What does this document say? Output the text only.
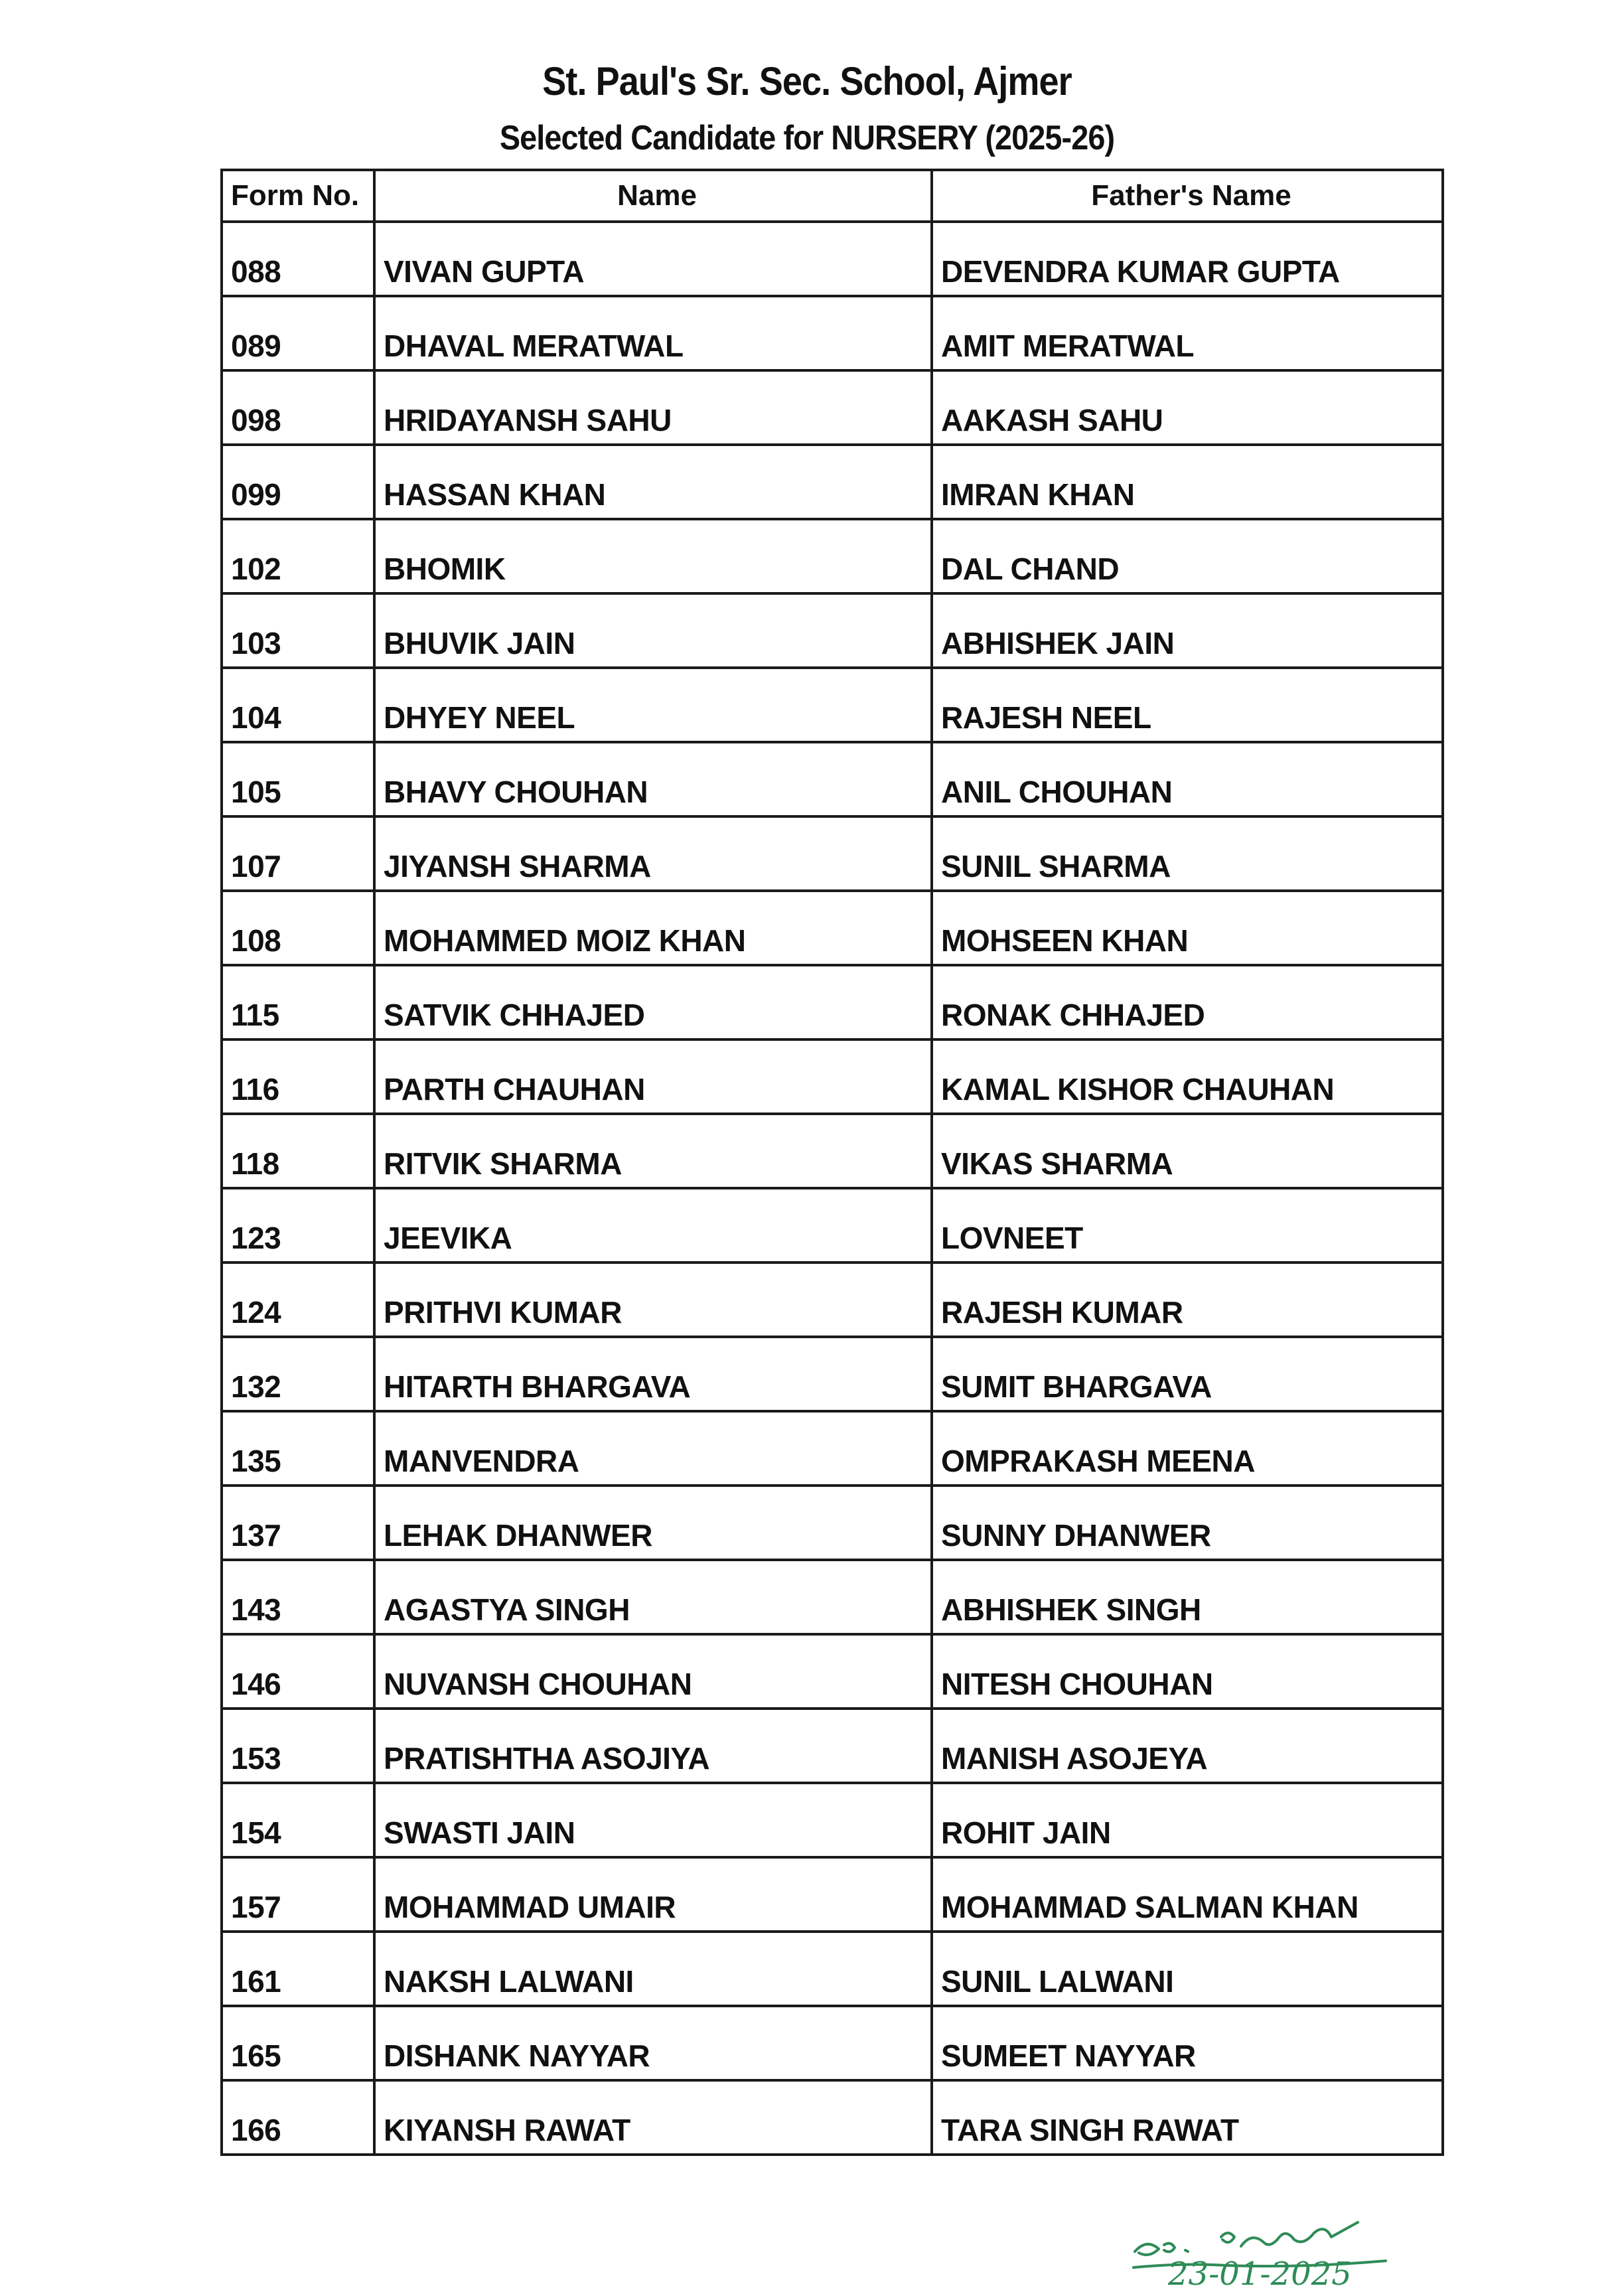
St. Paul's Sr. Sec. School, Ajmer
Selected Candidate for NURSERY (2025-26)
Form No.	Name	Father's Name
088	VIVAN GUPTA	DEVENDRA KUMAR GUPTA
089	DHAVAL MERATWAL	AMIT MERATWAL
098	HRIDAYANSH SAHU	AAKASH SAHU
099	HASSAN KHAN	IMRAN KHAN
102	BHOMIK	DAL CHAND
103	BHUVIK JAIN	ABHISHEK JAIN
104	DHYEY NEEL	RAJESH NEEL
105	BHAVY CHOUHAN	ANIL CHOUHAN
107	JIYANSH SHARMA	SUNIL SHARMA
108	MOHAMMED MOIZ KHAN	MOHSEEN KHAN
115	SATVIK CHHAJED	RONAK CHHAJED
116	PARTH CHAUHAN	KAMAL KISHOR CHAUHAN
118	RITVIK SHARMA	VIKAS SHARMA
123	JEEVIKA	LOVNEET
124	PRITHVI KUMAR	RAJESH KUMAR
132	HITARTH BHARGAVA	SUMIT BHARGAVA
135	MANVENDRA	OMPRAKASH MEENA
137	LEHAK DHANWER	SUNNY DHANWER
143	AGASTYA SINGH	ABHISHEK SINGH
146	NUVANSH CHOUHAN	NITESH CHOUHAN
153	PRATISHTHA ASOJIYA	MANISH ASOJEYA
154	SWASTI JAIN	ROHIT JAIN
157	MOHAMMAD UMAIR	MOHAMMAD SALMAN KHAN
161	NAKSH LALWANI	SUNIL LALWANI
165	DISHANK NAYYAR	SUMEET NAYYAR
166	KIYANSH RAWAT	TARA SINGH RAWAT
23-01-2025
